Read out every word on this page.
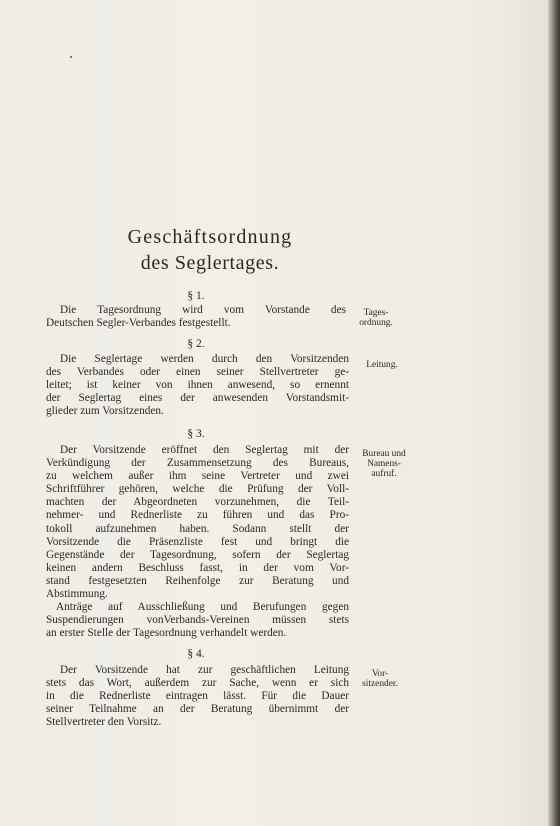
Geschäftsordnung
des Seglertages.
§ 1.
Die Tagesordnung wird vom Vorstande des
Deutschen Segler-Verbandes festgestellt.
Tages-
ordnung.
§ 2.
Die Seglertage werden durch den Vorsitzenden
des Verbandes oder einen seiner Stellvertreter ge-
leitet; ist keiner von ihnen anwesend, so ernennt
der Seglertag eines der anwesenden Vorstandsmit-
glieder zum Vorsitzenden.
Leitung.
§ 3.
Der Vorsitzende eröffnet den Seglertag mit der
Verkündigung der Zusammensetzung des Bureaus,
zu welchem außer ihm seine Vertreter und zwei
Schriftführer gehören, welche die Prüfung der Voll-
machten der Abgeordneten vorzunehmen, die Teil-
nehmer- und Rednerliste zu führen und das Pro-
tokoll aufzunehmen haben. Sodann stellt der
Vorsitzende die Präsenzliste fest und bringt die
Gegenstände der Tagesordnung, sofern der Seglertag
keinen andern Beschluss fasst, in der vom Vor-
stand festgesetzten Reihenfolge zur Beratung und
Abstimmung.
Anträge auf Ausschließung und Berufungen gegen
Suspendierungen vonVerbands-Vereinen müssen stets
an erster Stelle der Tagesordnung verhandelt werden.
Bureau und
Namens-
aufruf.
§ 4.
Der Vorsitzende hat zur geschäftlichen Leitung
stets das Wort, außerdem zur Sache, wenn er sich
in die Rednerliste eintragen lässt. Für die Dauer
seiner Teilnahme an der Beratung übernimmt der
Stellvertreter den Vorsitz.
Vor-
sitzender.
